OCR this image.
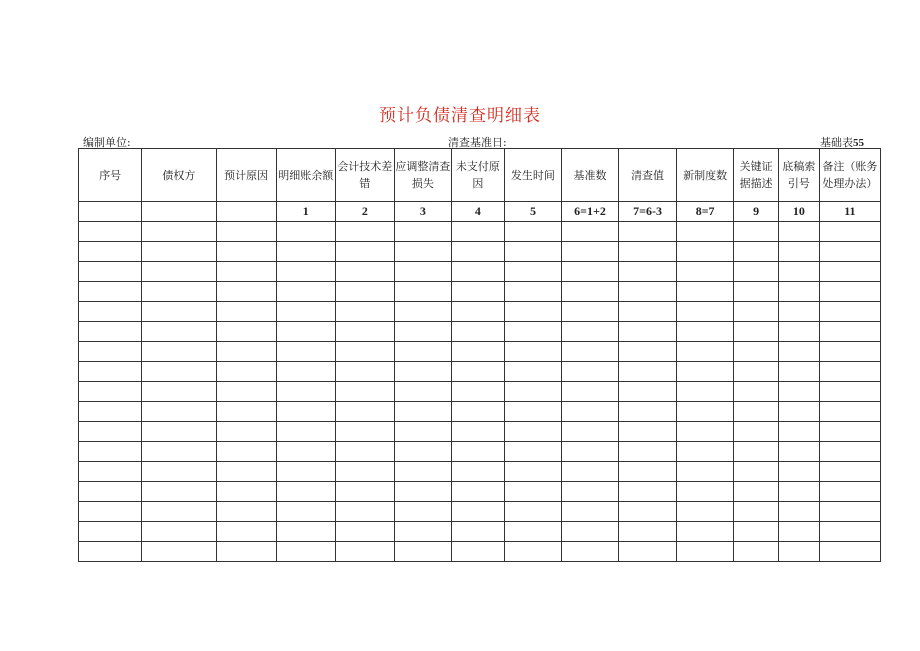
预计负债清查明细表
编制单位:	清查基准日:	基础表55
序号	债权方	预计原因	明细账余额	会计技术差错	应调整清查损失	未支付原因	发生时间	基准数	清查值	新制度数	关键证据描述	底稿索引号	备注（账务处理办法）
			1	2	3	4	5	6=1+2	7=6-3	8=7	9	10	11
